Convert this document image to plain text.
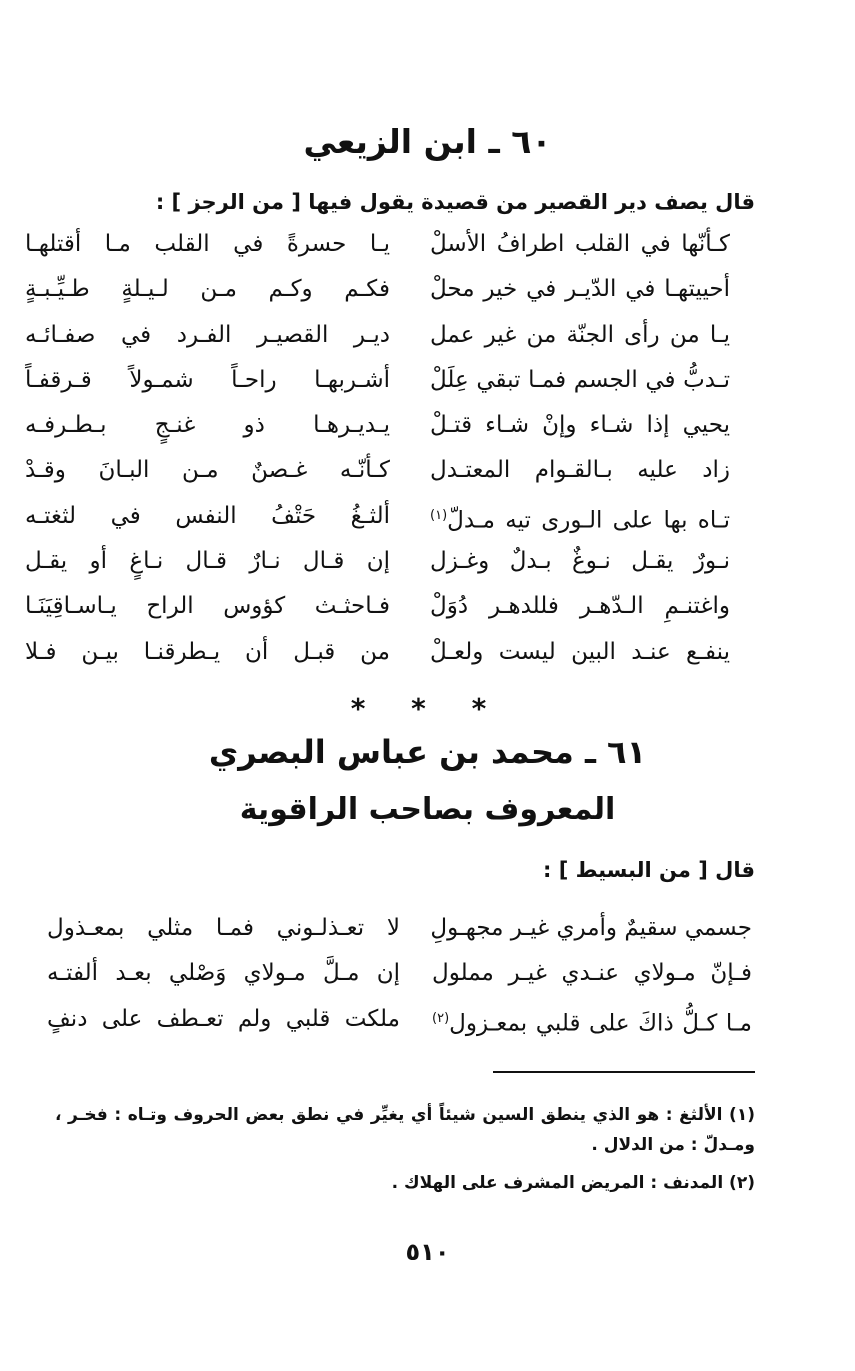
٦٠ ـ ابن الزيعي
قال يصف دير القصير من قصيدة يقول فيها [ من الرجز ] :
يـا حسرةً في القلب مـا أقتلهـا كـأنّها في القلب اطرافُ الأسلْ
فكـم وكـم مـن لـيـلةٍ طـيِّـبـةٍ أحييتهـا في الدّيـر في خير محلْ
ديـر القصيـر الفـرد في صفـائـه يـا من رأى الجنّة من غير عمل
أشـربهـا راحـاً شمـولاً قـرقفـاً تـدبُّ في الجسم فمـا تبقي عِلَلْ
يـديـرهـا ذو غنـجٍ بـطـرفـه يحيي إذا شـاء وإنْ شـاء قتـلْ
كـأنّـه غـصنٌ مـن البـانَ وقـدْ زاد عليه بـالقـوام المعتـدل
ألثـغُ حَتْفُ النفس في لثغتـه	تـاه بها على الـورى تيه مـدلّ$^{(١)}$
إن قـال نـارٌ قـال نـاغٍ أو يقـل نـورٌ يقـل نـوغٌ بـدلٌ وغـزل
فـاحثـث كؤوس الراح يـاسـاقِيَنَـا واغتنـمِ الـدّهـر فللدهـر دُوَلْ
من قبـل أن يـطرقنـا بيـن فـلا ينفـع عنـد البين ليست ولعـلْ
* * *
٦١ ـ محمد بن عباس البصري
المعروف بصاحب الراقوية
قال [ من البسيط ] :
لا تعـذلـوني فمـا مثلي بمعـذول جسمي سقيمٌ وأمري غيـر مجهـولِ
إن مـلَّ مـولاي وَصْلي بعـد ألفتـه فـإنّ مـولاي عنـدي غيـر مملول
ملكت قلبي ولم تعـطف على دنفٍ	مـا كـلُّ ذاكَ على قلبي بمعـزول$^{(٢)}$
(١) الألثغ : هو الذي ينطق السين شيئاً أي يغيِّر في نطق بعض الحروف وتـاه : فخـر ، ومـدلّ : من الدلال .
(٢) المدنف : المريض المشرف على الهلاك .
٥١٠
